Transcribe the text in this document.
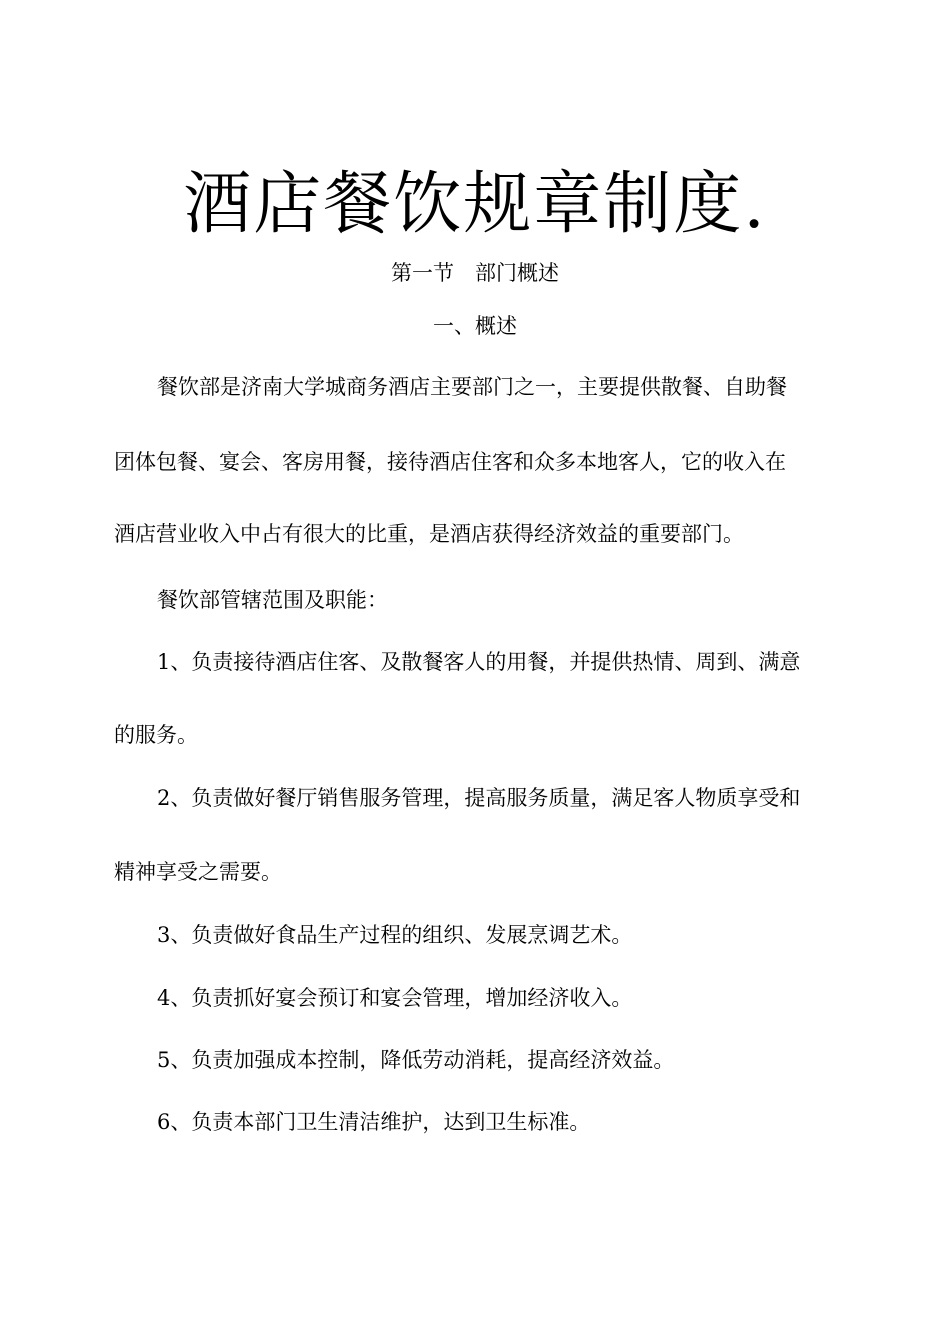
酒店餐饮规章制度.
第一节　部门概述
一、概述
餐饮部是济南大学城商务酒店主要部门之一，主要提供散餐、自助餐
团体包餐、宴会、客房用餐，接待酒店住客和众多本地客人，它的收入在
酒店营业收入中占有很大的比重，是酒店获得经济效益的重要部门。
餐饮部管辖范围及职能：
1、负责接待酒店住客、及散餐客人的用餐，并提供热情、周到、满意
的服务。
2、负责做好餐厅销售服务管理，提高服务质量，满足客人物质享受和
精神享受之需要。
3、负责做好食品生产过程的组织、发展烹调艺术。
4、负责抓好宴会预订和宴会管理，增加经济收入。
5、负责加强成本控制，降低劳动消耗，提高经济效益。
6、负责本部门卫生清洁维护，达到卫生标准。
